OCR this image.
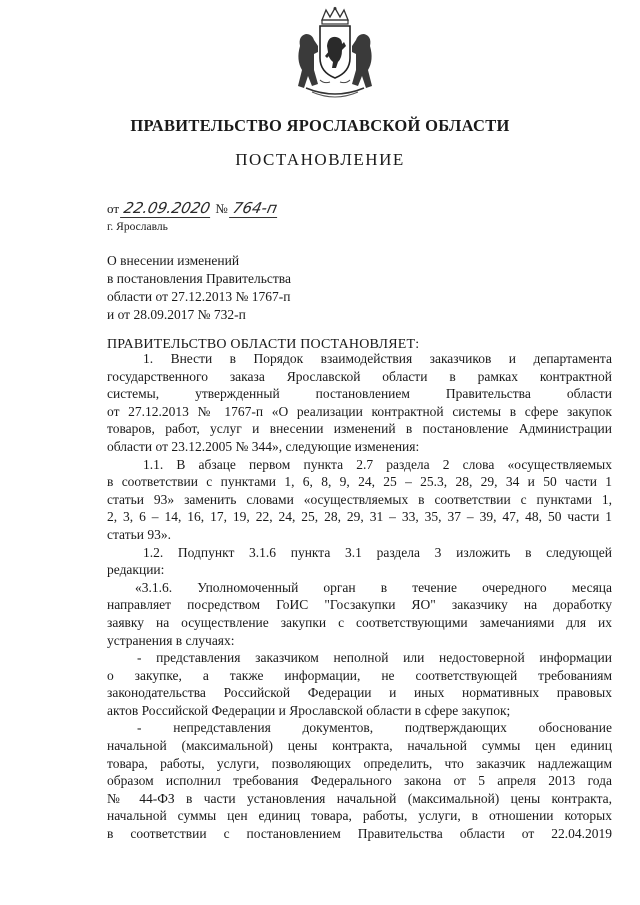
ПРАВИТЕЛЬСТВО ЯРОСЛАВСКОЙ ОБЛАСТИ
ПОСТАНОВЛЕНИЕ
от 22.09.2020 № 764-п
г. Ярославль
О внесении изменений
в постановления Правительства
области от 27.12.2013 № 1767-п
и от 28.09.2017 № 732-п
ПРАВИТЕЛЬСТВО ОБЛАСТИ ПОСТАНОВЛЯЕТ:

1. Внести в Порядок взаимодействия заказчиков и департамента

государственного заказа Ярославской области в рамках контрактной

системы, утвержденный постановлением Правительства области

от 27.12.2013 № 1767-п «О реализации контрактной системы в сфере закупок

товаров, работ, услуг и внесении изменений в постановление Администрации

области от 23.12.2005 № 344», следующие изменения:

1.1. В абзаце первом пункта 2.7 раздела 2 слова «осуществляемых

в соответствии с пунктами 1, 6, 8, 9, 24, 25 – 25.3, 28, 29, 34 и 50 части 1

статьи 93» заменить словами «осуществляемых в соответствии с пунктами 1,

2, 3, 6 – 14, 16, 17, 19, 22, 24, 25, 28, 29, 31 – 33, 35, 37 – 39, 47, 48, 50 части 1

статьи 93».

1.2. Подпункт 3.1.6 пункта 3.1 раздела 3 изложить в следующей

редакции:

«3.1.6. Уполномоченный орган в течение очередного месяца

направляет посредством ГоИС "Госзакупки ЯО" заказчику на доработку

заявку на осуществление закупки с соответствующими замечаниями для их

устранения в случаях:

- представления заказчиком неполной или недостоверной информации

о закупке, а также информации, не соответствующей требованиям

законодательства Российской Федерации и иных нормативных правовых

актов Российской Федерации и Ярославской области в сфере закупок;

- непредставления документов, подтверждающих обоснование

начальной (максимальной) цены контракта, начальной суммы цен единиц

товара, работы, услуги, позволяющих определить, что заказчик надлежащим

образом исполнил требования Федерального закона от 5 апреля 2013 года

№ 44-ФЗ в части установления начальной (максимальной) цены контракта,

начальной суммы цен единиц товара, работы, услуги, в отношении которых

в соответствии с постановлением Правительства области от 22.04.2019
